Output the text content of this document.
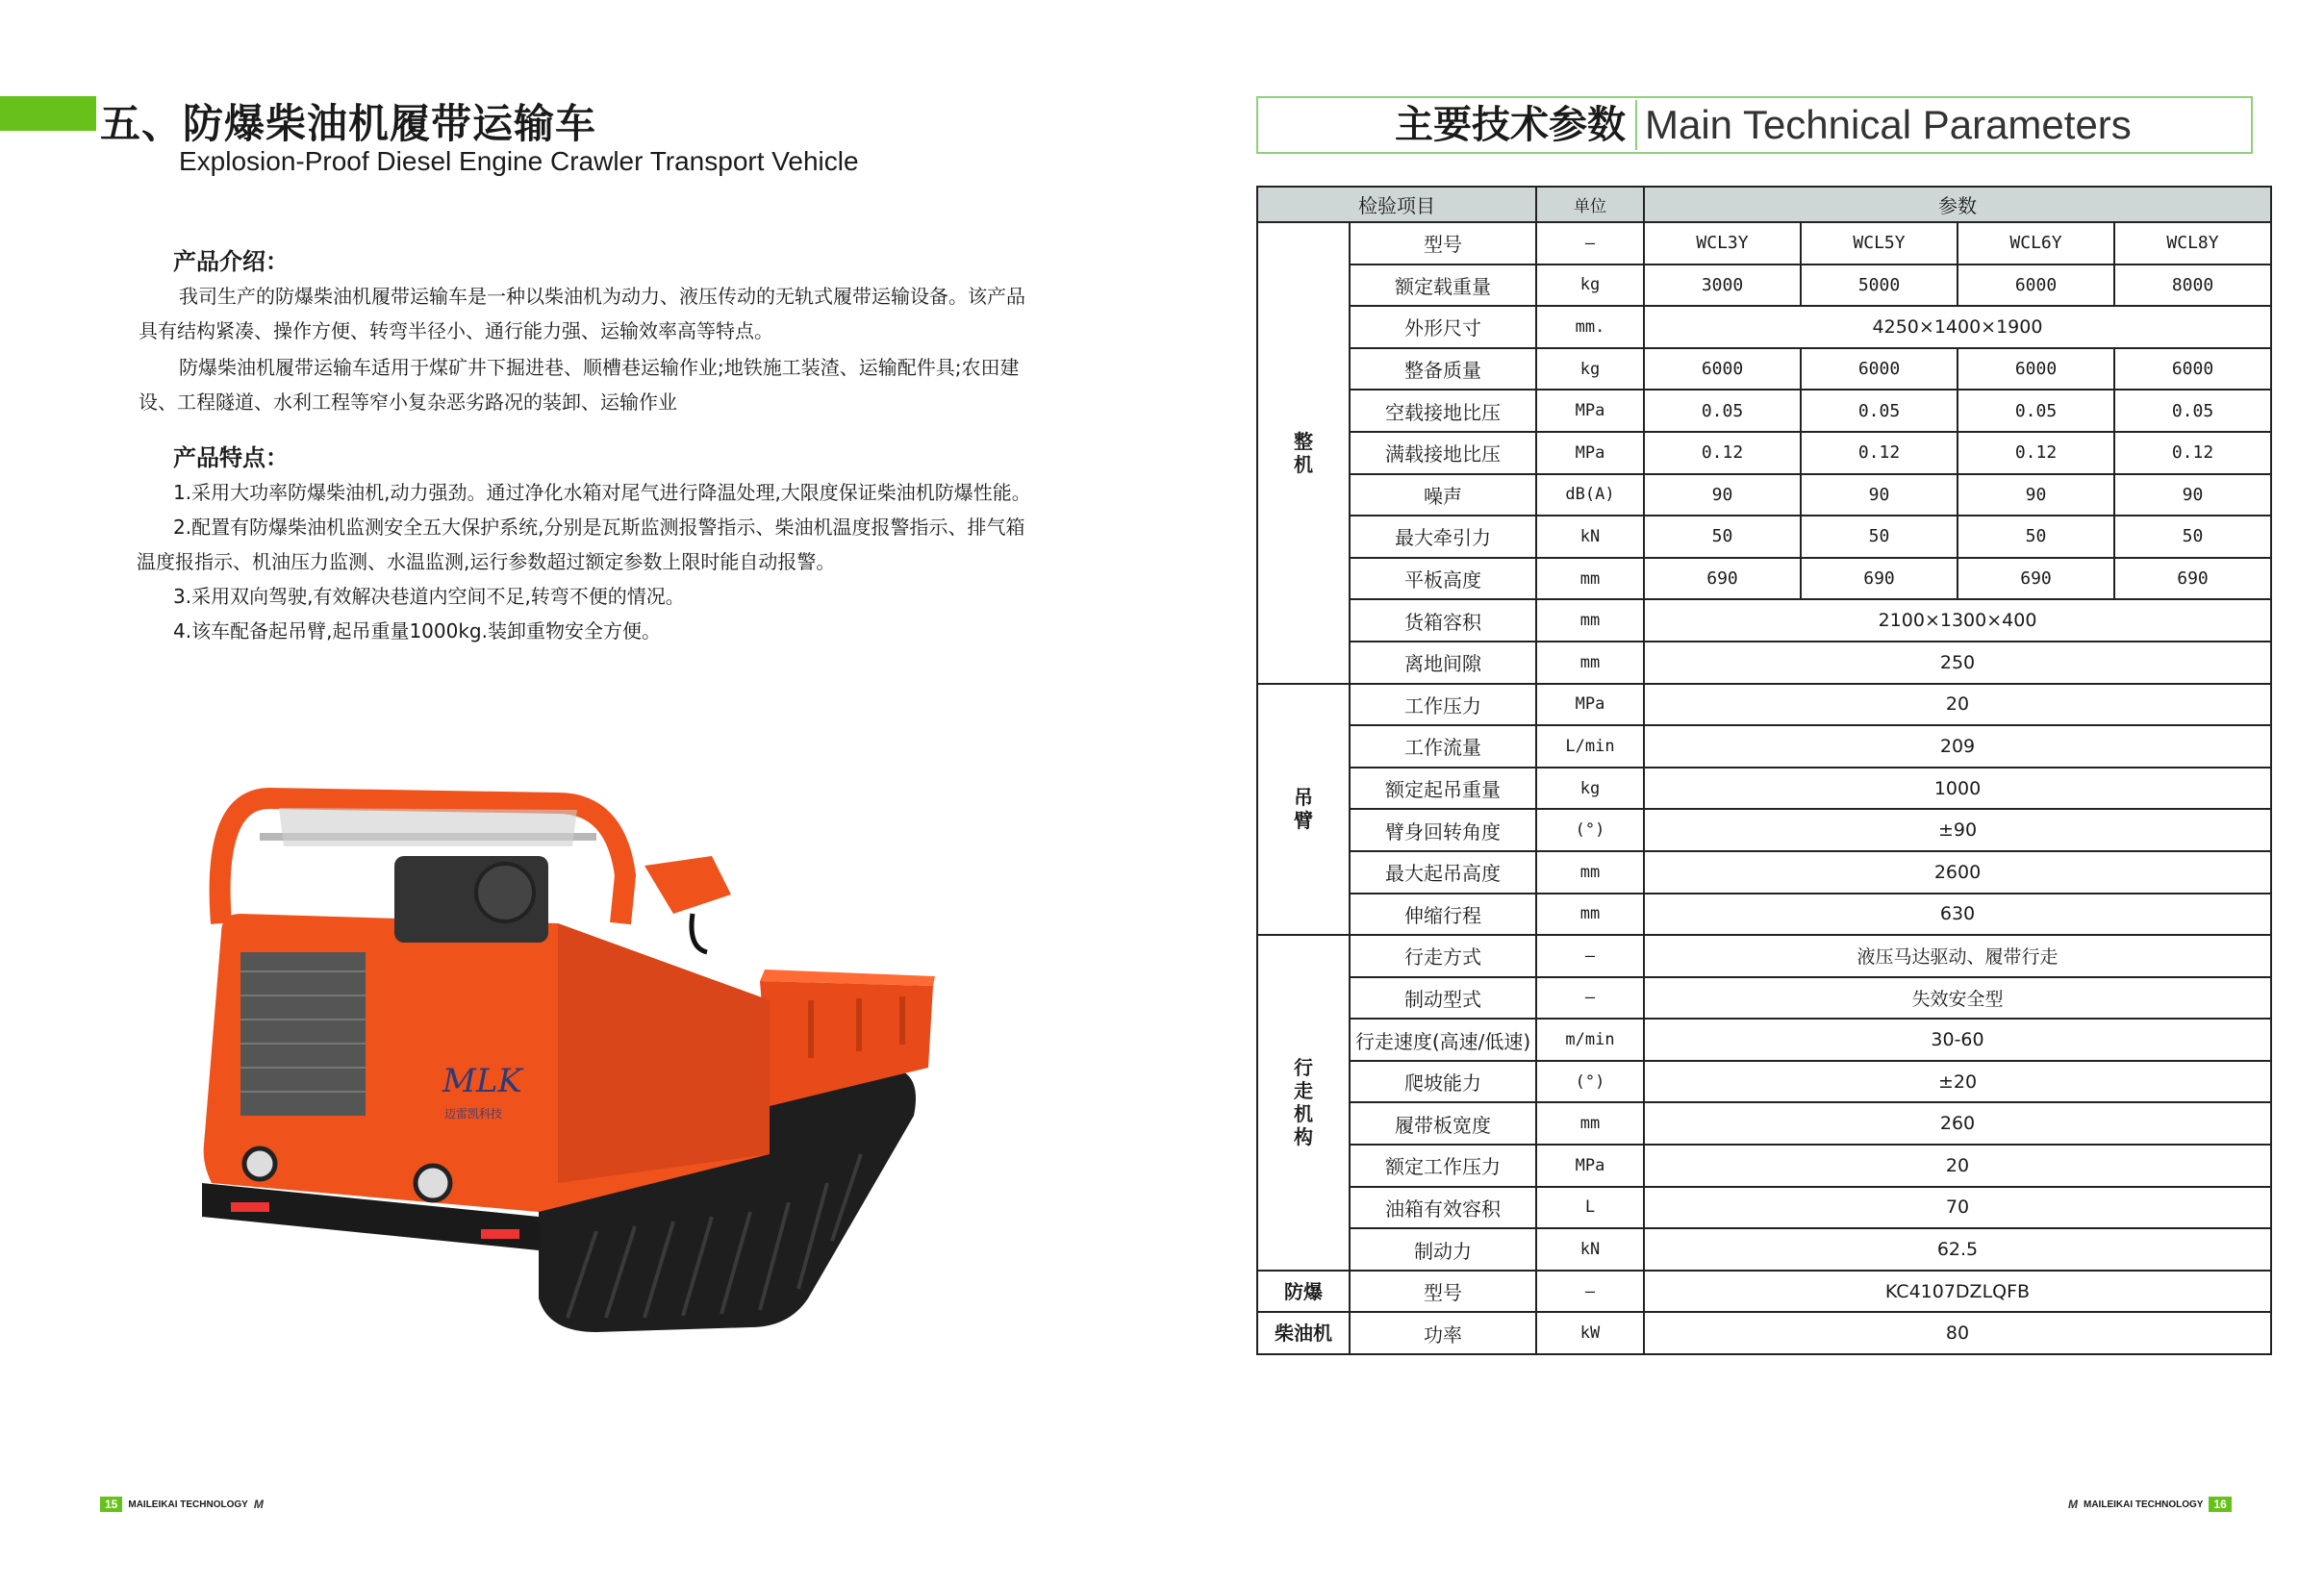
五、防爆柴油机履带运输车
Explosion-Proof Diesel Engine Crawler Transport Vehicle
产品介绍：
我司生产的防爆柴油机履带运输车是一种以柴油机为动力、液压传动的无轨式履带运输设备。该产品
具有结构紧凑、操作方便、转弯半径小、通行能力强、运输效率高等特点。
防爆柴油机履带运输车适用于煤矿井下掘进巷、顺槽巷运输作业;地铁施工装渣、运输配件具;农田建
设、工程隧道、水利工程等窄小复杂恶劣路况的装卸、运输作业
产品特点：
1.采用大功率防爆柴油机,动力强劲。通过净化水箱对尾气进行降温处理,大限度保证柴油机防爆性能。
2.配置有防爆柴油机监测安全五大保护系统,分别是瓦斯监测报警指示、柴油机温度报警指示、排气箱
温度报指示、机油压力监测、水温监测,运行参数超过额定参数上限时能自动报警。
3.采用双向驾驶,有效解决巷道内空间不足,转弯不便的情况。
4.该车配备起吊臂,起吊重量1000kg.装卸重物安全方便。
MLK
迈雷凯科技
15	MAILEIKAI TECHNOLOGY M
主要技术参数 Main Technical Parameters
检验项目		单位	参数			
整机	型号	—	WCL3Y	WCL5Y	WCL6Y	WCL8Y
	额定载重量	kg	3000	5000	6000	8000
	外形尺寸	mm.	4250×1400×1900			
	整备质量	kg	6000	6000	6000	6000
	空载接地比压	MPa	0.05	0.05	0.05	0.05
	满载接地比压	MPa	0.12	0.12	0.12	0.12
	噪声	dB(A)	90	90	90	90
	最大牵引力	kN	50	50	50	50
	平板高度	mm	690	690	690	690
	货箱容积	mm	2100×1300×400			
	离地间隙	mm	250			
吊臂	工作压力	MPa	20			
	工作流量	L/min	209			
	额定起吊重量	kg	1000			
	臂身回转角度	(°)	±90			
	最大起吊高度	mm	2600			
	伸缩行程	mm	630			
行走机构	行走方式	—	液压马达驱动、履带行走			
	制动型式	—	失效安全型			
	行走速度(高速/低速)	m/min	30-60			
	爬坡能力	(°)	±20			
	履带板宽度	mm	260			
	额定工作压力	MPa	20			
	油箱有效容积	L	70			
	制动力	kN	62.5			
防爆	型号	—	KC4107DZLQFB			
柴油机	功率	kW	80			
M MAILEIKAI TECHNOLOGY 16
